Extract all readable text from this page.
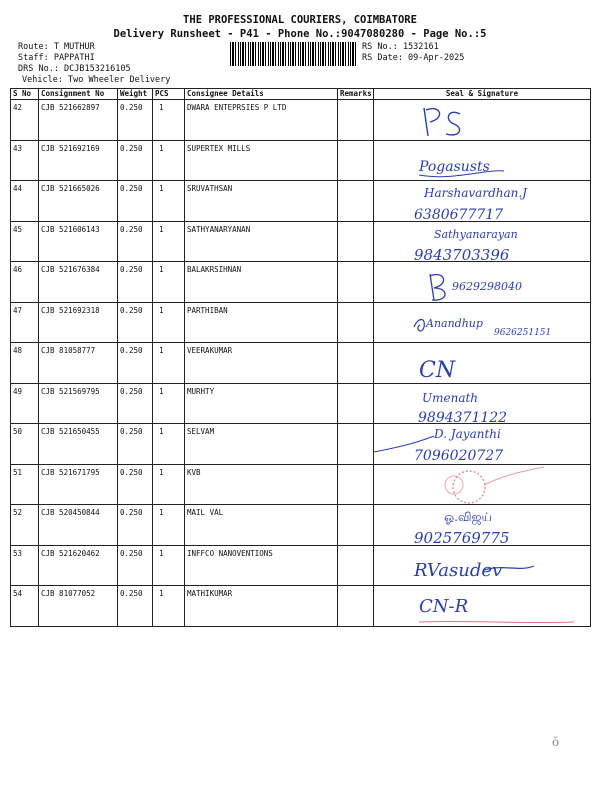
THE PROFESSIONAL COURIERS, COIMBATORE
Delivery Runsheet - P41 - Phone No.:9047080280 - Page No.:5
Route: T MUTHUR
Staff: PAPPATHI
DRS No.: DCJB153216105
Vehicle: Two Wheeler Delivery
RS No.: 1532161
RS Date: 09-Apr-2025
S No	Consignment No	Weight	PCS	Consignee Details	Remarks	Seal & Signature
42	CJB 521662897	0.250	1	DWARA ENTEPRSIES P LTD		

43	CJB 521692169	0.250	1	SUPERTEX MILLS		Pogasusts

44	CJB 521665026	0.250	1	SRUVATHSAN		Harshavardhan.J
6380677717

45	CJB 521606143	0.250	1	SATHYANARYANAN		Sathyanarayan
9843703396

46	CJB 521676384	0.250	1	BALAKRSIHNAN		9629298040

47	CJB 521692318	0.250	1	PARTHIBAN		Anandhup
9626251151

48	CJB 81058777	0.250	1	VEERAKUMAR		CN

49	CJB 521569795	0.250	1	MURHTY		Umenath
9894371122

50	CJB 521650455	0.250	1	SELVAM		D. Jayanthi
7096020727

51	CJB 521671795	0.250	1	KVB		

52	CJB 520450844	0.250	1	MAIL VAL		ஓ.விஜய்
9025769775

53	CJB 521620462	0.250	1	INFFCO NANOVENTIONS		RVasudev

54	CJB 81077052	0.250	1	MATHIKUMAR		CN-R
ŏ
